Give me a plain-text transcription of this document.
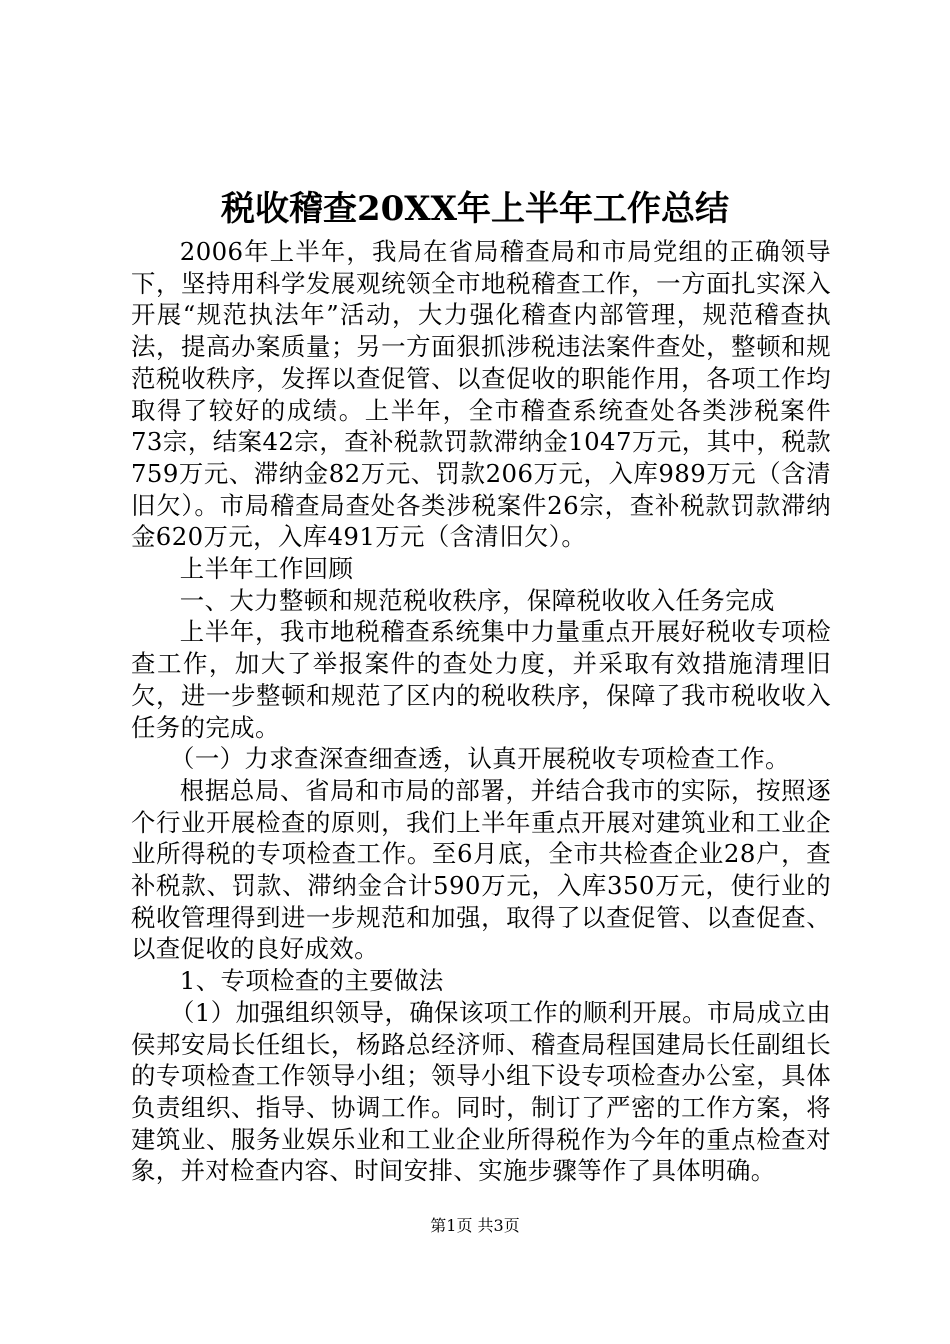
税收稽查20XX年上半年工作总结

2006年上半年，我局在省局稽查局和市局党组的正确领导下，坚持用科学发展观统领全市地税稽查工作，一方面扎实深入开展“规范执法年”活动，大力强化稽查内部管理，规范稽查执法，提高办案质量；另一方面狠抓涉税违法案件查处，整顿和规范税收秩序，发挥以查促管、以查促收的职能作用，各项工作均取得了较好的成绩。上半年，全市稽查系统查处各类涉税案件73宗，结案42宗，查补税款罚款滞纳金1047万元，其中，税款759万元、滞纳金82万元、罚款206万元，入库989万元（含清旧欠）。市局稽查局查处各类涉税案件26宗，查补税款罚款滞纳金620万元，入库491万元（含清旧欠）。

上半年工作回顾

一、大力整顿和规范税收秩序，保障税收收入任务完成

上半年，我市地税稽查系统集中力量重点开展好税收专项检查工作，加大了举报案件的查处力度，并采取有效措施清理旧欠，进一步整顿和规范了区内的税收秩序，保障了我市税收收入任务的完成。

（一）力求查深查细查透，认真开展税收专项检查工作。

根据总局、省局和市局的部署，并结合我市的实际，按照逐个行业开展检查的原则，我们上半年重点开展对建筑业和工业企业所得税的专项检查工作。至6月底，全市共检查企业28户，查补税款、罚款、滞纳金合计590万元，入库350万元，使行业的税收管理得到进一步规范和加强，取得了以查促管、以查促查、以查促收的良好成效。

1、专项检查的主要做法

（1）加强组织领导，确保该项工作的顺利开展。市局成立由侯邦安局长任组长，杨路总经济师、稽查局程国建局长任副组长的专项检查工作领导小组；领导小组下设专项检查办公室，具体负责组织、指导、协调工作。同时，制订了严密的工作方案，将建筑业、服务业娱乐业和工业企业所得税作为今年的重点检查对象，并对检查内容、时间安排、实施步骤等作了具体明确。

第1页 共3页
